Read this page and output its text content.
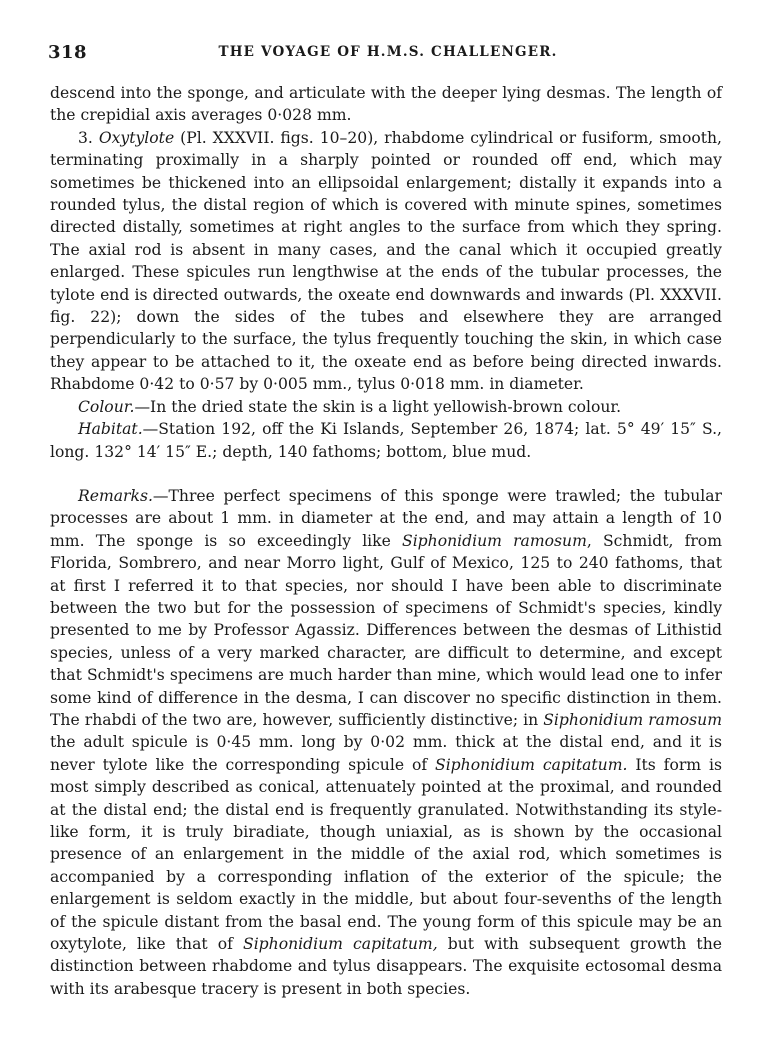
318	THE VOYAGE OF H.M.S. CHALLENGER.

descend into the sponge, and articulate with the deeper lying desmas. The length of the crepidial axis averages 0·028 mm.

3. Oxytylote (Pl. XXXVII. figs. 10–20), rhabdome cylindrical or fusiform, smooth, terminating proximally in a sharply pointed or rounded off end, which may sometimes be thickened into an ellipsoidal enlargement; distally it expands into a rounded tylus, the distal region of which is covered with minute spines, sometimes directed distally, sometimes at right angles to the surface from which they spring. The axial rod is absent in many cases, and the canal which it occupied greatly enlarged. These spicules run lengthwise at the ends of the tubular processes, the tylote end is directed outwards, the oxeate end downwards and inwards (Pl. XXXVII. fig. 22); down the sides of the tubes and elsewhere they are arranged perpendicularly to the surface, the tylus frequently touching the skin, in which case they appear to be attached to it, the oxeate end as before being directed inwards. Rhabdome 0·42 to 0·57 by 0·005 mm., tylus 0·018 mm. in diameter.

Colour.—In the dried state the skin is a light yellowish-brown colour.

Habitat.—Station 192, off the Ki Islands, September 26, 1874; lat. 5° 49′ 15″ S., long. 132° 14′ 15″ E.; depth, 140 fathoms; bottom, blue mud.

Remarks.—Three perfect specimens of this sponge were trawled; the tubular processes are about 1 mm. in diameter at the end, and may attain a length of 10 mm. The sponge is so exceedingly like Siphonidium ramosum, Schmidt, from Florida, Sombrero, and near Morro light, Gulf of Mexico, 125 to 240 fathoms, that at first I referred it to that species, nor should I have been able to discriminate between the two but for the possession of specimens of Schmidt's species, kindly presented to me by Professor Agassiz. Differences between the desmas of Lithistid species, unless of a very marked character, are difficult to determine, and except that Schmidt's specimens are much harder than mine, which would lead one to infer some kind of difference in the desma, I can discover no specific distinction in them. The rhabdi of the two are, however, sufficiently distinctive; in Siphonidium ramosum the adult spicule is 0·45 mm. long by 0·02 mm. thick at the distal end, and it is never tylote like the corresponding spicule of Siphonidium capitatum. Its form is most simply described as conical, attenuately pointed at the proximal, and rounded at the distal end; the distal end is frequently granulated. Notwithstanding its style-like form, it is truly biradiate, though uniaxial, as is shown by the occasional presence of an enlargement in the middle of the axial rod, which sometimes is accompanied by a corresponding inflation of the exterior of the spicule; the enlargement is seldom exactly in the middle, but about four-sevenths of the length of the spicule distant from the basal end. The young form of this spicule may be an oxytylote, like that of Siphonidium capitatum, but with subsequent growth the distinction between rhabdome and tylus disappears. The exquisite ectosomal desma with its arabesque tracery is present in both species.
